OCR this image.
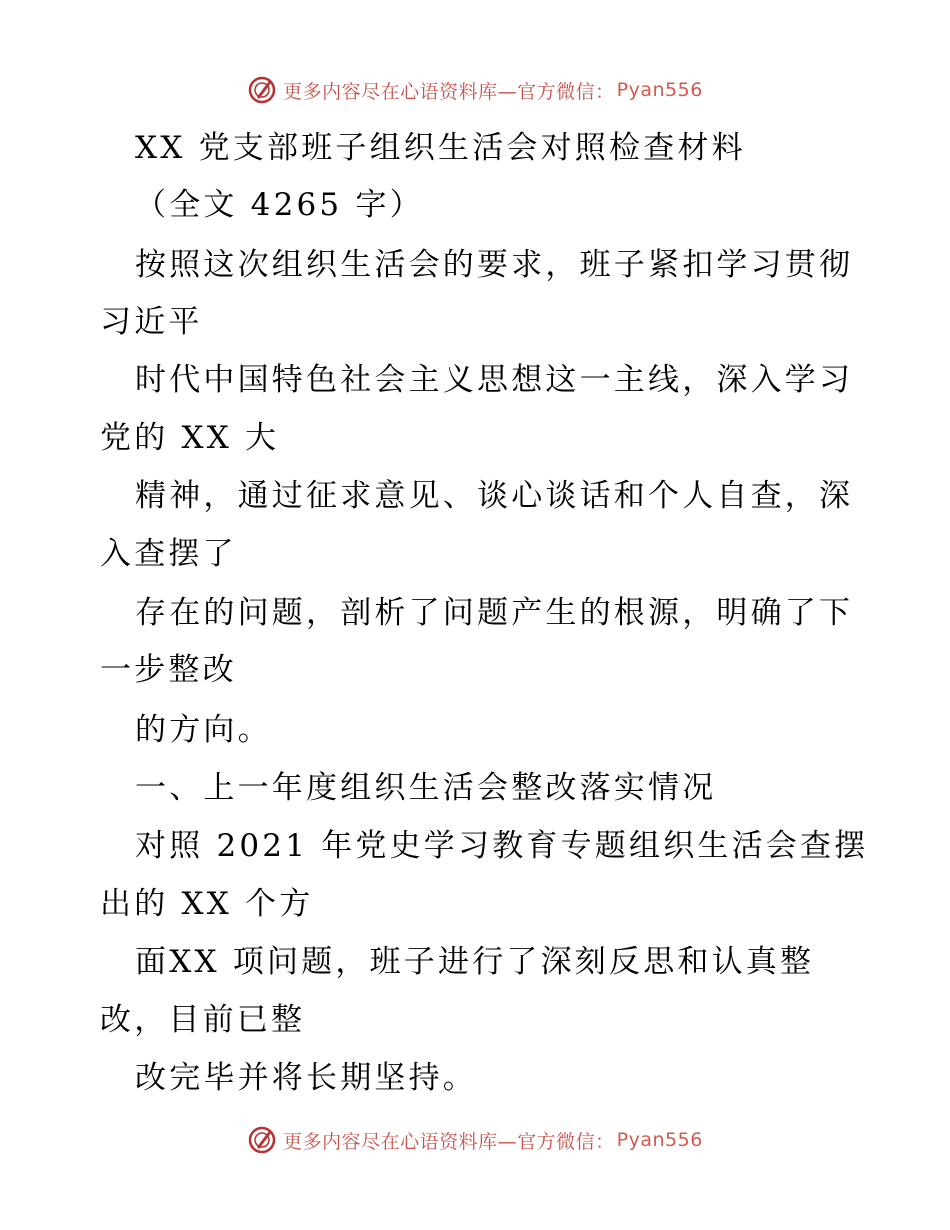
更多内容尽在心语资料库—官方微信： Pyan556
XX 党支部班子组织生活会对照检查材料
（全文 4265 字）
按照这次组织生活会的要求，班子紧扣学习贯彻
习近平
时代中国特色社会主义思想这一主线，深入学习
党的 XX 大
精神，通过征求意见、谈心谈话和个人自查，深
入查摆了
存在的问题，剖析了问题产生的根源，明确了下
一步整改
的方向。
一、上一年度组织生活会整改落实情况
对照 2021 年党史学习教育专题组织生活会查摆
出的 XX 个方
面XX 项问题，班子进行了深刻反思和认真整
改，目前已整
改完毕并将长期坚持。
更多内容尽在心语资料库—官方微信： Pyan556
